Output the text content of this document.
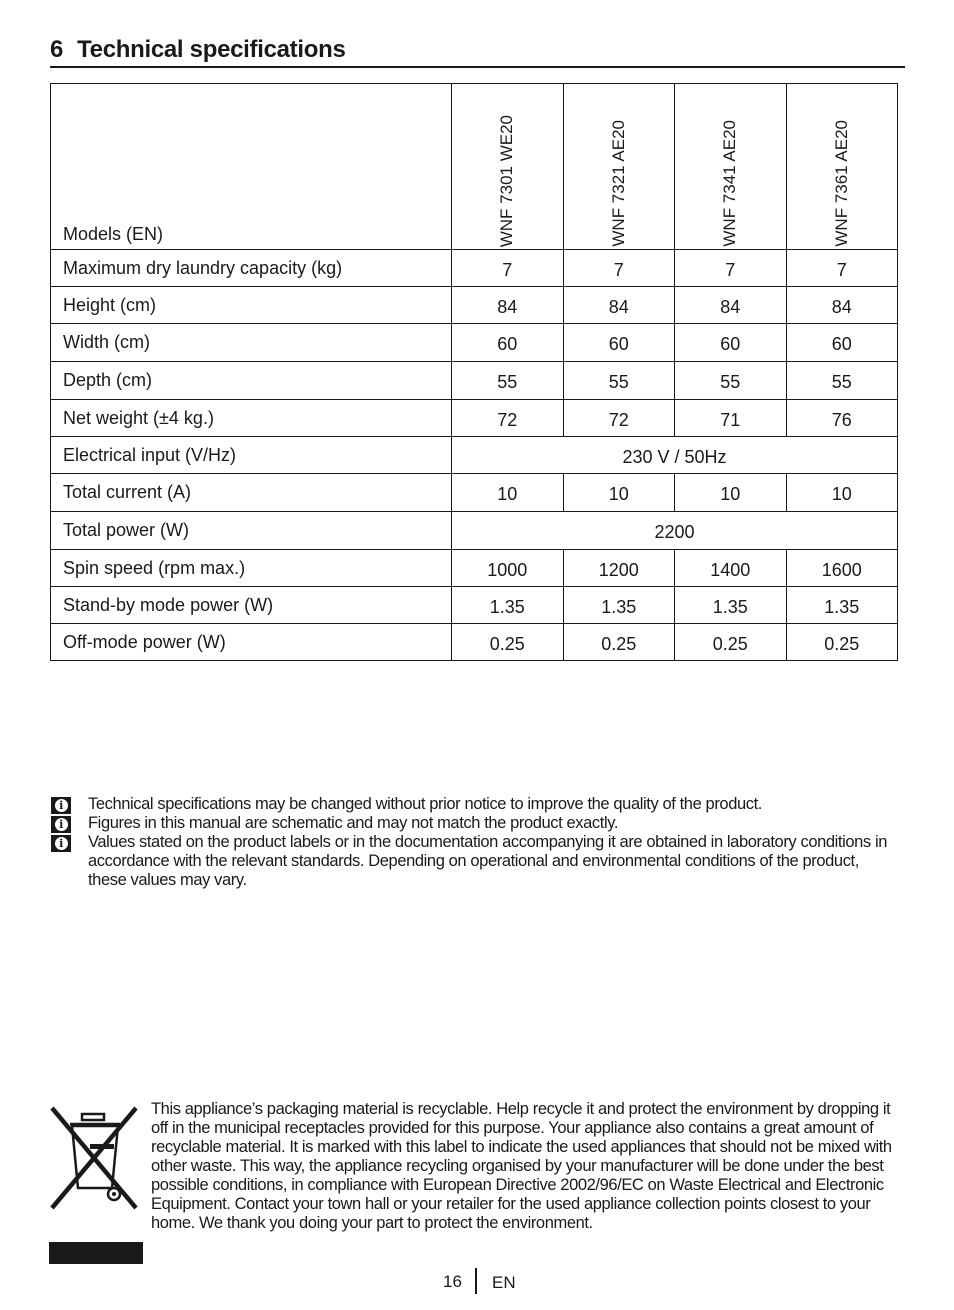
6 Technical specifications
Models (EN)	WNF 7301 WE20	WNF 7321 AE20	WNF 7341 AE20	WNF 7361 AE20

Maximum dry laundry capacity (kg)	7	7	7	7
Height (cm)	84	84	84	84
Width (cm)	60	60	60	60
Depth (cm)	55	55	55	55
Net weight (±4 kg.)	72	72	71	76
Electrical input (V/Hz)	230 V / 50Hz			
Total current (A)	10	10	10	10
Total power (W)	2200			
Spin speed (rpm max.)	1000	1200	1400	1600
Stand-by mode power (W)	1.35	1.35	1.35	1.35
Off-mode power (W)	0.25	0.25	0.25	0.25
i
i
i

Technical specifications may be changed without prior notice to improve the quality of the product.

Figures in this manual are schematic and may not match the product exactly.

Values stated on the product labels or in the documentation accompanying it are obtained in laboratory conditions in accordance with the relevant standards. Depending on operational and environmental conditions of the product, these values may vary.

This appliance’s packaging material is recyclable. Help recycle it and protect the environment by dropping it off in the municipal receptacles provided for this purpose. Your appliance also contains a great amount of recyclable material. It is marked with this label to indicate the used appliances that should not be mixed with other waste. This way, the appliance recycling organised by your manufacturer will be done under the best possible conditions, in compliance with European Directive 2002/96/EC on Waste Electrical and Electronic Equipment. Contact your town hall or your retailer for the used appliance collection points closest to your home. We thank you doing your part to protect the environment.

16 EN
